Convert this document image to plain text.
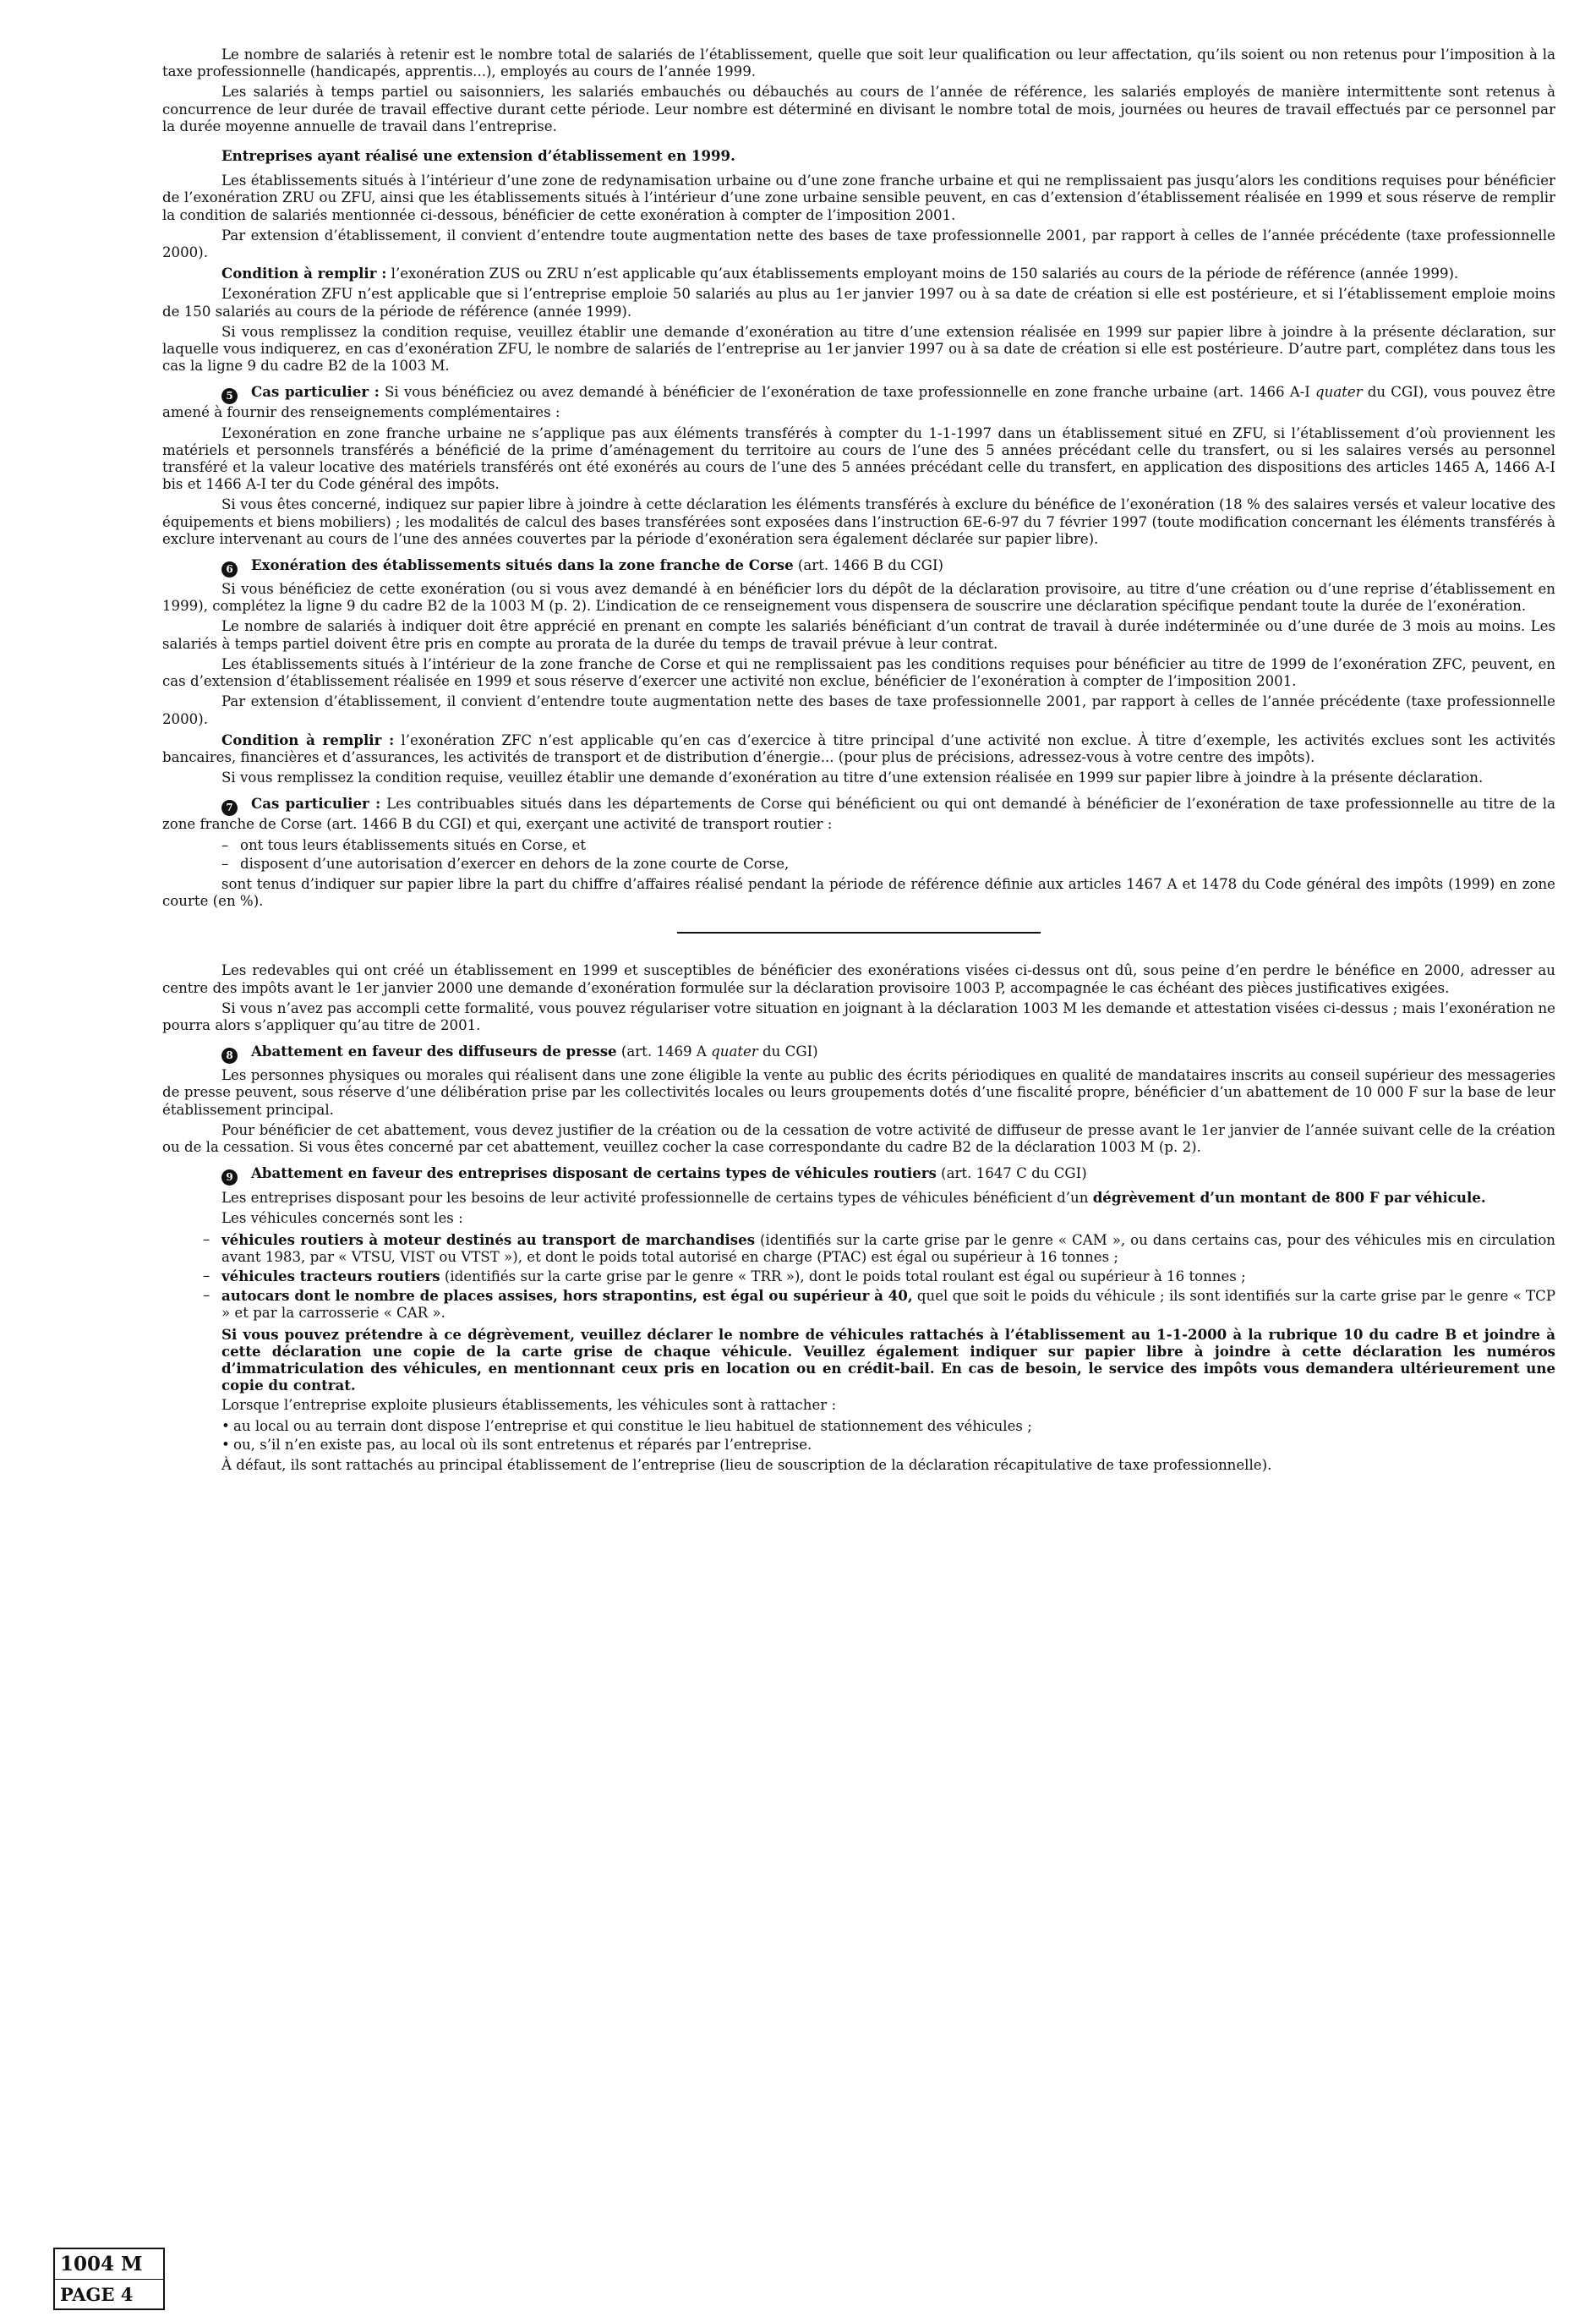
Le nombre de salariés à retenir est le nombre total de salariés de l’établissement, quelle que soit leur qualification ou leur affectation, qu’ils soient ou non retenus pour l’imposition à la taxe professionnelle (handicapés, apprentis...), employés au cours de l’année 1999.

Les salariés à temps partiel ou saisonniers, les salariés embauchés ou débauchés au cours de l’année de référence, les salariés employés de manière intermittente sont retenus à concurrence de leur durée de travail effective durant cette période. Leur nombre est déterminé en divisant le nombre total de mois, journées ou heures de travail effectués par ce personnel par la durée moyenne annuelle de travail dans l’entreprise.

Entreprises ayant réalisé une extension d’établissement en 1999.

Les établissements situés à l’intérieur d’une zone de redynamisation urbaine ou d’une zone franche urbaine et qui ne remplissaient pas jusqu’alors les conditions requises pour bénéficier de l’exonération ZRU ou ZFU, ainsi que les établissements situés à l’intérieur d’une zone urbaine sensible peuvent, en cas d’extension d’établissement réalisée en 1999 et sous réserve de remplir la condition de salariés mentionnée ci-dessous, bénéficier de cette exonération à compter de l’imposition 2001.

Par extension d’établissement, il convient d’entendre toute augmentation nette des bases de taxe professionnelle 2001, par rapport à celles de l’année précédente (taxe professionnelle 2000).

Condition à remplir : l’exonération ZUS ou ZRU n’est applicable qu’aux établissements employant moins de 150 salariés au cours de la période de référence (année 1999).

L’exonération ZFU n’est applicable que si l’entreprise emploie 50 salariés au plus au 1er janvier 1997 ou à sa date de création si elle est postérieure, et si l’établissement emploie moins de 150 salariés au cours de la période de référence (année 1999).

Si vous remplissez la condition requise, veuillez établir une demande d’exonération au titre d’une extension réalisée en 1999 sur papier libre à joindre à la présente déclaration, sur laquelle vous indiquerez, en cas d’exonération ZFU, le nombre de salariés de l’entreprise au 1er janvier 1997 ou à sa date de création si elle est postérieure. D’autre part, complétez dans tous les cas la ligne 9 du cadre B2 de la 1003 M.

5 Cas particulier : Si vous bénéficiez ou avez demandé à bénéficier de l’exonération de taxe professionnelle en zone franche urbaine (art. 1466 A-I quater du CGI), vous pouvez être amené à fournir des renseignements complémentaires :

L’exonération en zone franche urbaine ne s’applique pas aux éléments transférés à compter du 1-1-1997 dans un établissement situé en ZFU, si l’établissement d’où proviennent les matériels et personnels transférés a bénéficié de la prime d’aménagement du territoire au cours de l’une des 5 années précédant celle du transfert, ou si les salaires versés au personnel transféré et la valeur locative des matériels transférés ont été exonérés au cours de l’une des 5 années précédant celle du transfert, en application des dispositions des articles 1465 A, 1466 A-I bis et 1466 A-I ter du Code général des impôts.

Si vous êtes concerné, indiquez sur papier libre à joindre à cette déclaration les éléments transférés à exclure du bénéfice de l’exonération (18 % des salaires versés et valeur locative des équipements et biens mobiliers) ; les modalités de calcul des bases transférées sont exposées dans l’instruction 6E-6-97 du 7 février 1997 (toute modification concernant les éléments transférés à exclure intervenant au cours de l’une des années couvertes par la période d’exonération sera également déclarée sur papier libre).

6 Exonération des établissements situés dans la zone franche de Corse (art. 1466 B du CGI)

Si vous bénéficiez de cette exonération (ou si vous avez demandé à en bénéficier lors du dépôt de la déclaration provisoire, au titre d’une création ou d’une reprise d’établissement en 1999), complétez la ligne 9 du cadre B2 de la 1003 M (p. 2). L’indication de ce renseignement vous dispensera de souscrire une déclaration spécifique pendant toute la durée de l’exonération.

Le nombre de salariés à indiquer doit être apprécié en prenant en compte les salariés bénéficiant d’un contrat de travail à durée indéterminée ou d’une durée de 3 mois au moins. Les salariés à temps partiel doivent être pris en compte au prorata de la durée du temps de travail prévue à leur contrat.

Les établissements situés à l’intérieur de la zone franche de Corse et qui ne remplissaient pas les conditions requises pour bénéficier au titre de 1999 de l’exonération ZFC, peuvent, en cas d’extension d’établissement réalisée en 1999 et sous réserve d’exercer une activité non exclue, bénéficier de l’exonération à compter de l’imposition 2001.

Par extension d’établissement, il convient d’entendre toute augmentation nette des bases de taxe professionnelle 2001, par rapport à celles de l’année précédente (taxe professionnelle 2000).

Condition à remplir : l’exonération ZFC n’est applicable qu’en cas d’exercice à titre principal d’une activité non exclue. À titre d’exemple, les activités exclues sont les activités bancaires, financières et d’assurances, les activités de transport et de distribution d’énergie... (pour plus de précisions, adressez-vous à votre centre des impôts).

Si vous remplissez la condition requise, veuillez établir une demande d’exonération au titre d’une extension réalisée en 1999 sur papier libre à joindre à la présente déclaration.

7 Cas particulier : Les contribuables situés dans les départements de Corse qui bénéficient ou qui ont demandé à bénéficier de l’exonération de taxe professionnelle au titre de la zone franche de Corse (art. 1466 B du CGI) et qui, exerçant une activité de transport routier :

– ont tous leurs établissements situés en Corse, et
– disposent d’une autorisation d’exercer en dehors de la zone courte de Corse,

sont tenus d’indiquer sur papier libre la part du chiffre d’affaires réalisé pendant la période de référence définie aux articles 1467 A et 1478 du Code général des impôts (1999) en zone courte (en %).

Les redevables qui ont créé un établissement en 1999 et susceptibles de bénéficier des exonérations visées ci-dessus ont dû, sous peine d’en perdre le bénéfice en 2000, adresser au centre des impôts avant le 1er janvier 2000 une demande d’exonération formulée sur la déclaration provisoire 1003 P, accompagnée le cas échéant des pièces justificatives exigées.

Si vous n’avez pas accompli cette formalité, vous pouvez régulariser votre situation en joignant à la déclaration 1003 M les demande et attestation visées ci-dessus ; mais l’exonération ne pourra alors s’appliquer qu’au titre de 2001.

8 Abattement en faveur des diffuseurs de presse (art. 1469 A quater du CGI)

Les personnes physiques ou morales qui réalisent dans une zone éligible la vente au public des écrits périodiques en qualité de mandataires inscrits au conseil supérieur des messageries de presse peuvent, sous réserve d’une délibération prise par les collectivités locales ou leurs groupements dotés d’une fiscalité propre, bénéficier d’un abattement de 10 000 F sur la base de leur établissement principal.

Pour bénéficier de cet abattement, vous devez justifier de la création ou de la cessation de votre activité de diffuseur de presse avant le 1er janvier de l’année suivant celle de la création ou de la cessation. Si vous êtes concerné par cet abattement, veuillez cocher la case correspondante du cadre B2 de la déclaration 1003 M (p. 2).

9 Abattement en faveur des entreprises disposant de certains types de véhicules routiers (art. 1647 C du CGI)

Les entreprises disposant pour les besoins de leur activité professionnelle de certains types de véhicules bénéficient d’un dégrèvement d’un montant de 800 F par véhicule.

Les véhicules concernés sont les :

– véhicules routiers à moteur destinés au transport de marchandises (identifiés sur la carte grise par le genre « CAM », ou dans certains cas, pour des véhicules mis en circulation avant 1983, par « VTSU, VIST ou VTST »), et dont le poids total autorisé en charge (PTAC) est égal ou supérieur à 16 tonnes ;
– véhicules tracteurs routiers (identifiés sur la carte grise par le genre « TRR »), dont le poids total roulant est égal ou supérieur à 16 tonnes ;
– autocars dont le nombre de places assises, hors strapontins, est égal ou supérieur à 40, quel que soit le poids du véhicule ; ils sont identifiés sur la carte grise par le genre « TCP » et par la carrosserie « CAR ».

Si vous pouvez prétendre à ce dégrèvement, veuillez déclarer le nombre de véhicules rattachés à l’établissement au 1-1-2000 à la rubrique 10 du cadre B et joindre à cette déclaration une copie de la carte grise de chaque véhicule. Veuillez également indiquer sur papier libre à joindre à cette déclaration les numéros d’immatriculation des véhicules, en mentionnant ceux pris en location ou en crédit-bail. En cas de besoin, le service des impôts vous demandera ultérieurement une copie du contrat.

Lorsque l’entreprise exploite plusieurs établissements, les véhicules sont à rattacher :

• au local ou au terrain dont dispose l’entreprise et qui constitue le lieu habituel de stationnement des véhicules ;
• ou, s’il n’en existe pas, au local où ils sont entretenus et réparés par l’entreprise.

À défaut, ils sont rattachés au principal établissement de l’entreprise (lieu de souscription de la déclaration récapitulative de taxe professionnelle).

1004 M
PAGE 4
